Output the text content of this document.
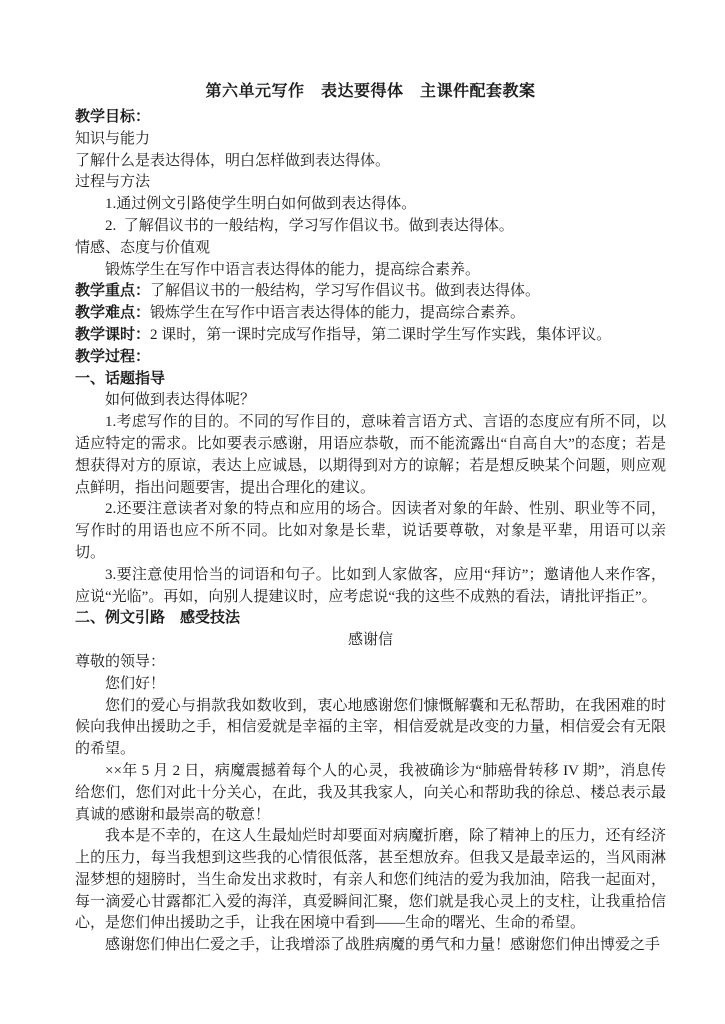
第六单元写作　表达要得体　主课件配套教案

教学目标：

知识与能力

了解什么是表达得体，明白怎样做到表达得体。

过程与方法

1.通过例文引路使学生明白如何做到表达得体。

2.  了解倡议书的一般结构，学习写作倡议书。做到表达得体。

情感、态度与价值观

锻炼学生在写作中语言表达得体的能力，提高综合素养。

教学重点：了解倡议书的一般结构，学习写作倡议书。做到表达得体。

教学难点：锻炼学生在写作中语言表达得体的能力，提高综合素养。

教学课时：2 课时，第一课时完成写作指导，第二课时学生写作实践，集体评议。

教学过程：

一、话题指导

如何做到表达得体呢？

1.考虑写作的目的。不同的写作目的，意味着言语方式、言语的态度应有所不同，以适应特定的需求。比如要表示感谢，用语应恭敬，而不能流露出“自高自大”的态度；若是想获得对方的原谅，表达上应诚恳，以期得到对方的谅解；若是想反映某个问题，则应观点鲜明，指出问题要害，提出合理化的建议。

2.还要注意读者对象的特点和应用的场合。因读者对象的年龄、性别、职业等不同，写作时的用语也应不所不同。比如对象是长辈，说话要尊敬，对象是平辈，用语可以亲切。

3.要注意使用恰当的词语和句子。比如到人家做客，应用“拜访”；邀请他人来作客，应说“光临”。再如，向别人提建议时，应考虑说“我的这些不成熟的看法，请批评指正”。

二、例文引路　感受技法

感谢信

尊敬的领导：

您们好！

您们的爱心与捐款我如数收到，衷心地感谢您们慷慨解囊和无私帮助，在我困难的时候向我伸出援助之手，相信爱就是幸福的主宰，相信爱就是改变的力量，相信爱会有无限的希望。

××年 5 月 2 日，病魔震撼着每个人的心灵，我被确诊为“肺癌骨转移 IV 期”，消息传给您们，您们对此十分关心，在此，我及其我家人，向关心和帮助我的徐总、楼总表示最真诚的感谢和最崇高的敬意！

我本是不幸的，在这人生最灿烂时却要面对病魔折磨，除了精神上的压力，还有经济上的压力，每当我想到这些我的心情很低落，甚至想放弃。但我又是最幸运的，当风雨淋湿梦想的翅膀时，当生命发出求救时，有亲人和您们纯洁的爱为我加油，陪我一起面对，每一滴爱心甘露都汇入爱的海洋，真爱瞬间汇聚，您们就是我心灵上的支柱，让我重拾信心，是您们伸出援助之手，让我在困境中看到——生命的曙光、生命的希望。

感谢您们伸出仁爱之手，让我增添了战胜病魔的勇气和力量！感谢您们伸出博爱之手
